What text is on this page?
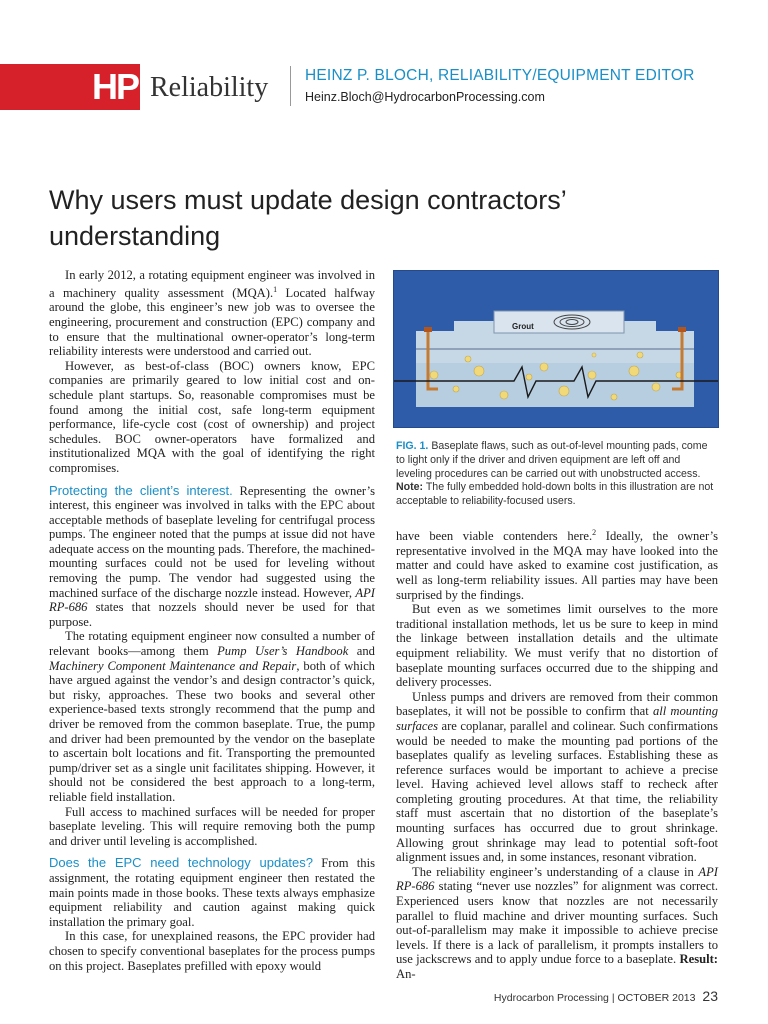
HP Reliability HEINZ P. BLOCH, RELIABILITY/EQUIPMENT EDITOR
Heinz.Bloch@HydrocarbonProcessing.com
Why users must update design contractors’ understanding

In early 2012, a rotating equipment engineer was involved in a machinery quality assessment (MQA).$^1$ Located halfway around the globe, this engineer’s new job was to oversee the engineering, procurement and construction (EPC) company and to ensure that the multinational owner-operator’s long-term reliability interests were understood and carried out.

However, as best-of-class (BOC) owners know, EPC companies are primarily geared to low initial cost and on-schedule plant startups. So, reasonable compromises must be found among the initial cost, safe long-term equipment performance, life-cycle cost (cost of ownership) and project schedules. BOC owner-operators have formalized and institutionalized MQA with the goal of identifying the right compromises.

Protecting the client’s interest. Representing the owner’s interest, this engineer was involved in talks with the EPC about acceptable methods of baseplate leveling for centrifugal process pumps. The engineer noted that the pumps at issue did not have adequate access on the mounting pads. Therefore, the machined-mounting surfaces could not be used for leveling without removing the pump. The vendor had suggested using the machined surface of the discharge nozzle instead. However, API RP-686 states that nozzels should never be used for that purpose.

The rotating equipment engineer now consulted a number of relevant books—among them Pump User’s Handbook and Machinery Component Maintenance and Repair, both of which have argued against the vendor’s and design contractor’s quick, but risky, approaches. These two books and several other experience-based texts strongly recommend that the pump and driver be removed from the common baseplate. True, the pump and driver had been premounted by the vendor on the baseplate to ascertain bolt locations and fit. Transporting the premounted pump/driver set as a single unit facilitates shipping. However, it should not be considered the best approach to a long-term, reliable field installation.

Full access to machined surfaces will be needed for proper baseplate leveling. This will require removing both the pump and driver until leveling is accomplished.

Does the EPC need technology updates? From this assignment, the rotating equipment engineer then restated the main points made in those books. These texts always emphasize equipment reliability and caution against making quick installation the primary goal.

In this case, for unexplained reasons, the EPC provider had chosen to specify conventional baseplates for the process pumps on this project. Baseplates prefilled with epoxy would

Grout
FIG. 1. Baseplate flaws, such as out-of-level mounting pads, come to light only if the driver and driven equipment are left off and leveling procedures can be carried out with unobstructed access. Note: The fully embedded hold-down bolts in this illustration are not acceptable to reliability-focused users.

have been viable contenders here.$^2$ Ideally, the owner’s representative involved in the MQA may have looked into the matter and could have asked to examine cost justification, as well as long-term reliability issues. All parties may have been surprised by the findings.

But even as we sometimes limit ourselves to the more traditional installation methods, let us be sure to keep in mind the linkage between installation details and the ultimate equipment reliability. We must verify that no distortion of baseplate mounting surfaces occurred due to the shipping and delivery processes.

Unless pumps and drivers are removed from their common baseplates, it will not be possible to confirm that all mounting surfaces are coplanar, parallel and colinear. Such confirmations would be needed to make the mounting pad portions of the baseplates qualify as leveling surfaces. Establishing these as reference surfaces would be important to achieve a precise level. Having achieved level allows staff to recheck after completing grouting procedures. At that time, the reliability staff must ascertain that no distortion of the baseplate’s mounting surfaces has occurred due to grout shrinkage. Allowing grout shrinkage may lead to potential soft-foot alignment issues and, in some instances, resonant vibration.

The reliability engineer’s understanding of a clause in API RP-686 stating “never use nozzles” for alignment was correct. Experienced users know that nozzles are not necessarily parallel to fluid machine and driver mounting surfaces. Such out-of-parallelism may make it impossible to achieve precise levels. If there is a lack of parallelism, it prompts installers to use jackscrews and to apply undue force to a baseplate. Result: An-

Hydrocarbon Processing | OCTOBER 2013 23
